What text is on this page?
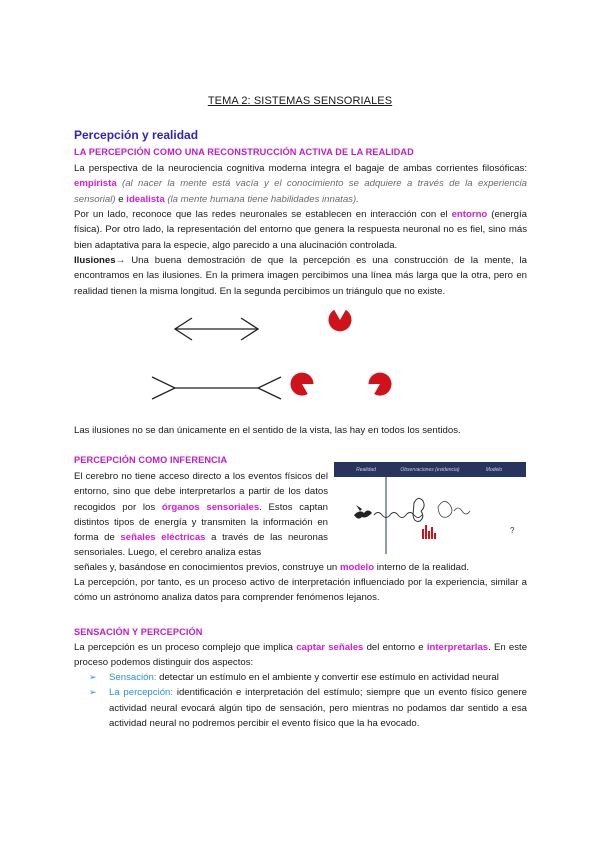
TEMA 2: SISTEMAS SENSORIALES
Percepción y realidad
LA PERCEPCIÓN COMO UNA RECONSTRUCCIÓN ACTIVA DE LA REALIDAD
La perspectiva de la neurociencia cognitiva moderna integra el bagaje de ambas corrientes filosóficas: empirista (al nacer la mente está vacía y el conocimiento se adquiere a través de la experiencia sensorial) e idealista (la mente humana tiene habilidades innatas).
Por un lado, reconoce que las redes neuronales se establecen en interacción con el entorno (energía física). Por otro lado, la representación del entorno que genera la respuesta neuronal no es fiel, sino más bien adaptativa para la especie, algo parecido a una alucinación controlada.
Ilusiones→ Una buena demostración de que la percepción es una construcción de la mente, la encontramos en las ilusiones. En la primera imagen percibimos una línea más larga que la otra, pero en realidad tienen la misma longitud. En la segunda percibimos un triángulo que no existe.
Las ilusiones no se dan únicamente en el sentido de la vista, las hay en todos los sentidos.
PERCEPCIÓN COMO INFERENCIA
El cerebro no tiene acceso directo a los eventos físicos del entorno, sino que debe interpretarlos a partir de los datos recogidos por los órganos sensoriales. Estos captan distintos tipos de energía y transmiten la información en forma de señales eléctricas a través de las neuronas sensoriales. Luego, el cerebro analiza estas
señales y, basándose en conocimientos previos, construye un modelo interno de la realidad.
Realidad	Observaciones (evidencia)	Modelo
?
La percepción, por tanto, es un proceso activo de interpretación influenciado por la experiencia, similar a cómo un astrónomo analiza datos para comprender fenómenos lejanos.
SENSACIÓN Y PERCEPCIÓN
La percepción es un proceso complejo que implica captar señales del entorno e interpretarlas. En este proceso podemos distinguir dos aspectos:
➢ Sensación: detectar un estímulo en el ambiente y convertir ese estímulo en actividad neural
➢ La percepción: identificación e interpretación del estímulo; siempre que un evento físico genere actividad neural evocará algún tipo de sensación, pero mientras no podamos dar sentido a esa actividad neural no podremos percibir el evento físico que la ha evocado.
